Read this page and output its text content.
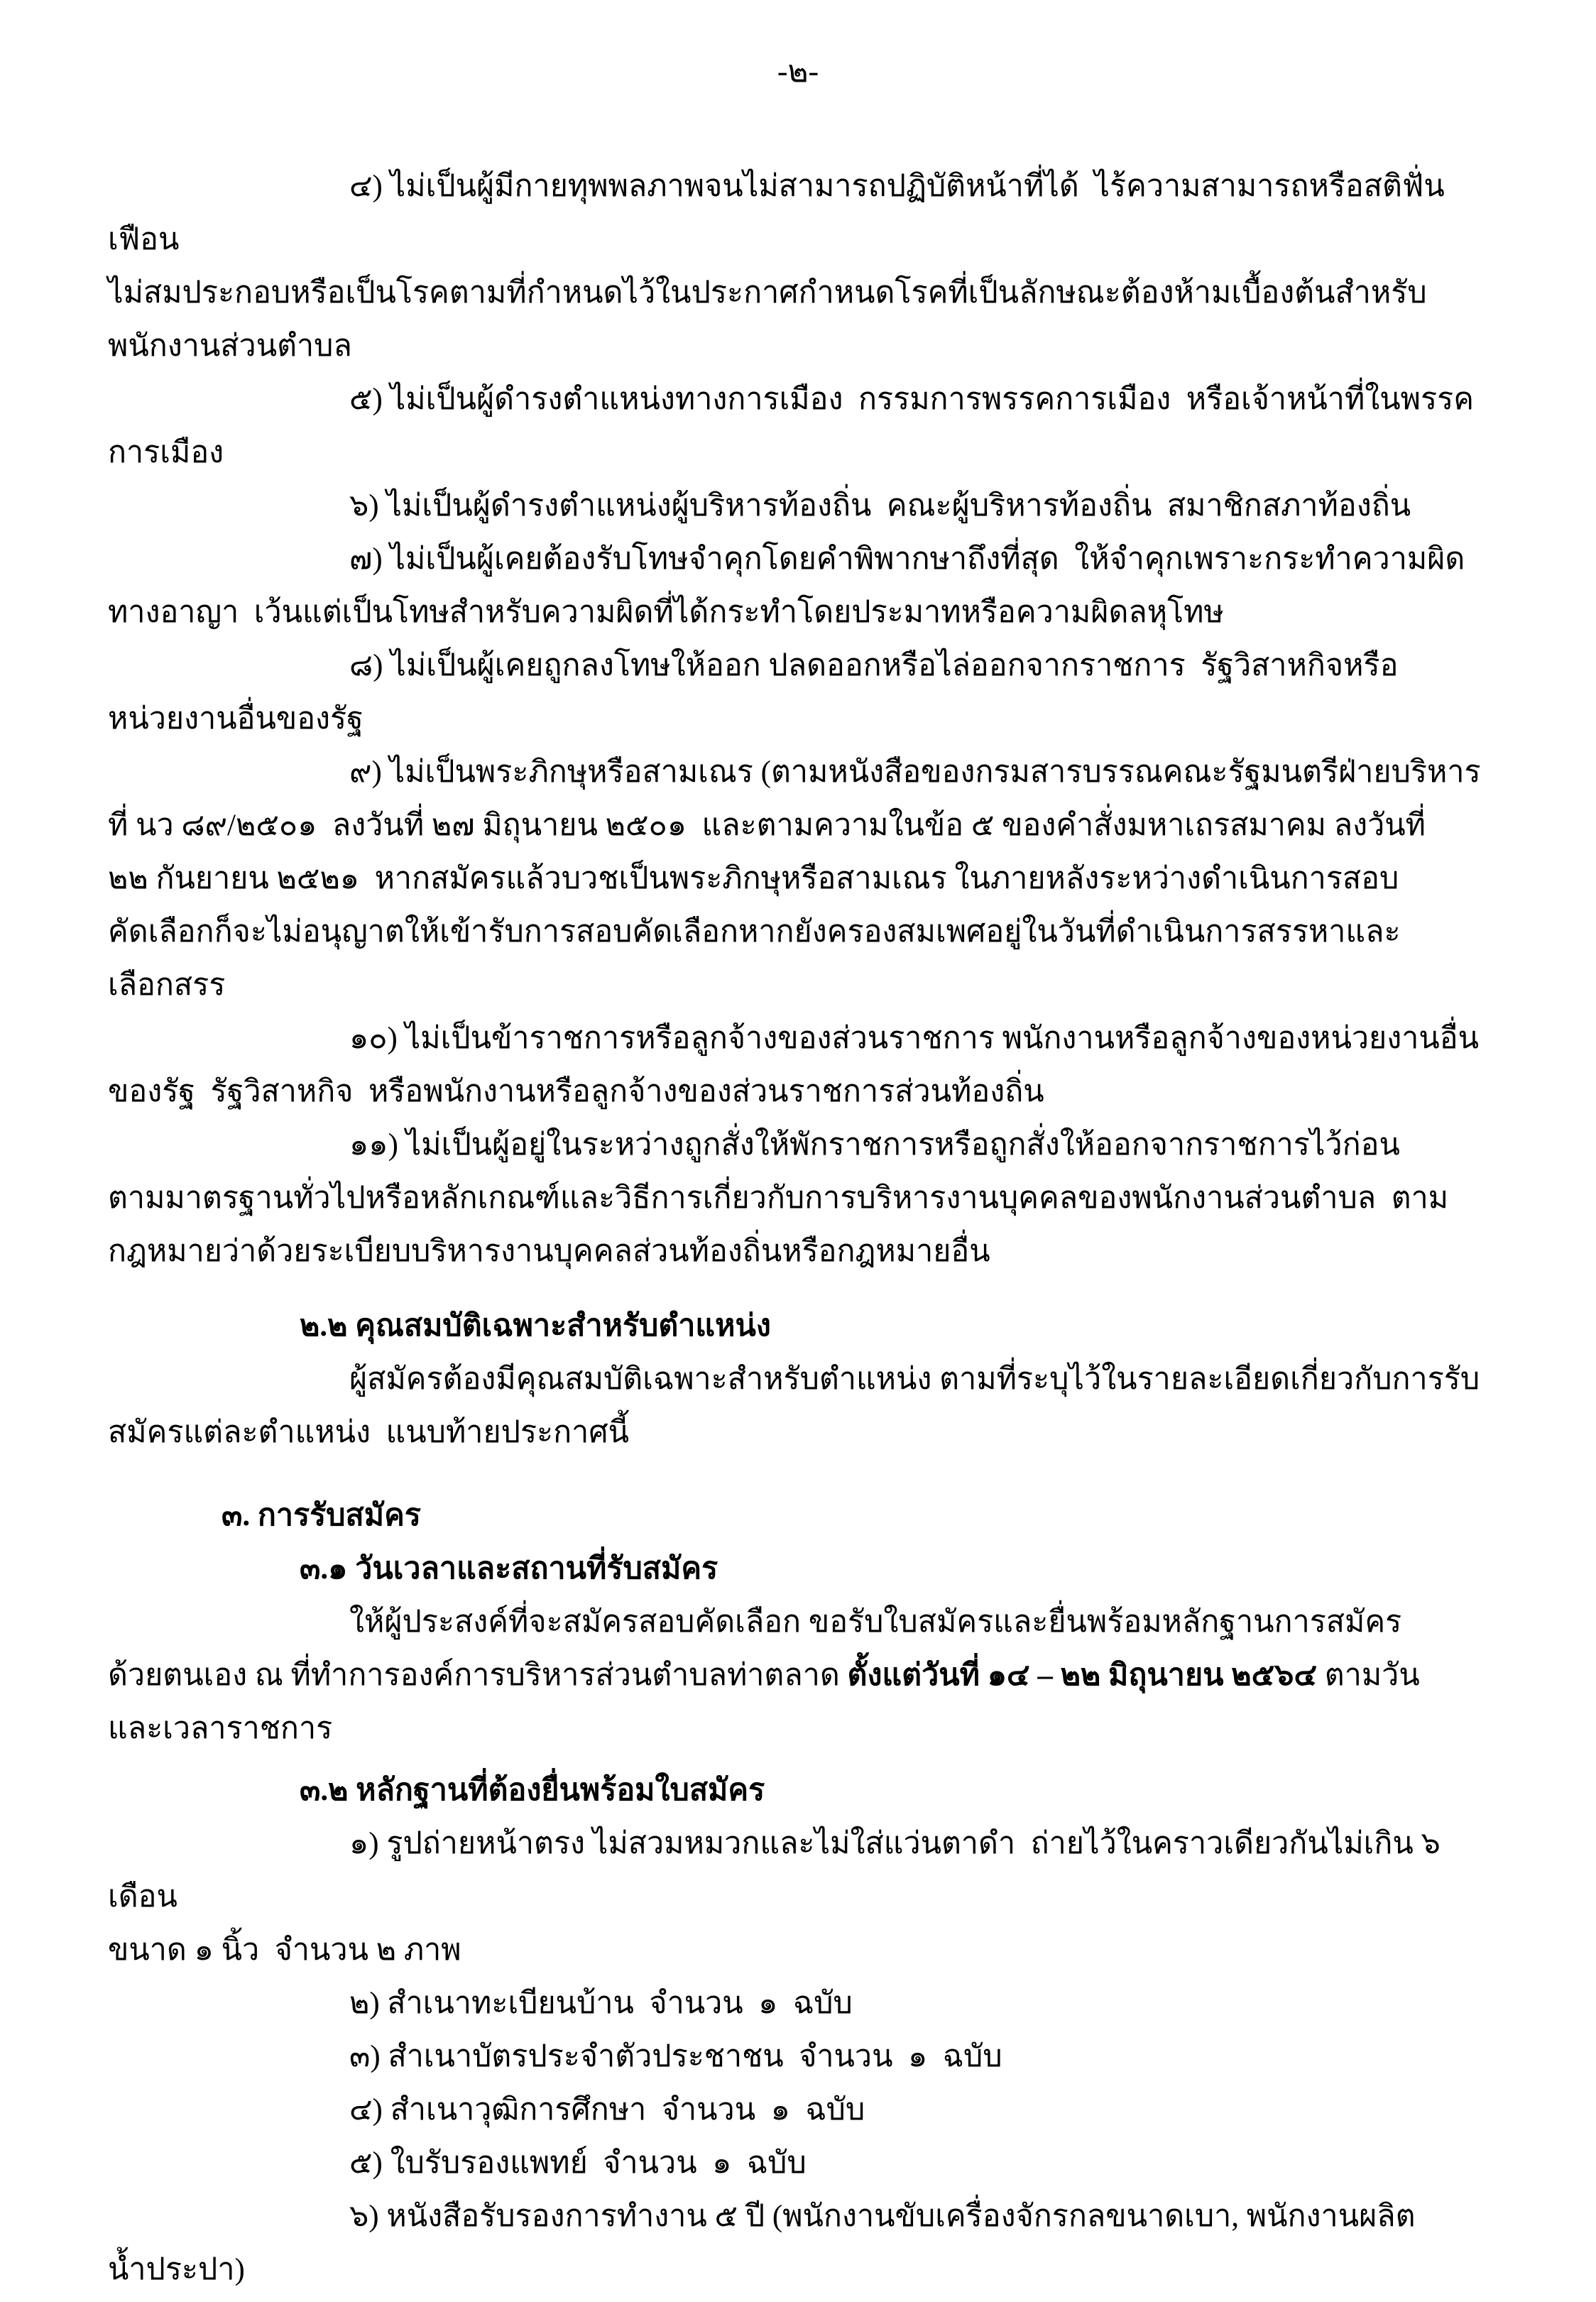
-๒-
๔) ไม่เป็นผู้มีกายทุพพลภาพจนไม่สามารถปฏิบัติหน้าที่ได้  ไร้ความสามารถหรือสติฟั่นเฟือน
ไม่สมประกอบหรือเป็นโรคตามที่กำหนดไว้ในประกาศกำหนดโรคที่เป็นลักษณะต้องห้ามเบื้องต้นสำหรับ
พนักงานส่วนตำบล
๕) ไม่เป็นผู้ดำรงตำแหน่งทางการเมือง  กรรมการพรรคการเมือง  หรือเจ้าหน้าที่ในพรรค
การเมือง
๖) ไม่เป็นผู้ดำรงตำแหน่งผู้บริหารท้องถิ่น  คณะผู้บริหารท้องถิ่น  สมาชิกสภาท้องถิ่น
๗) ไม่เป็นผู้เคยต้องรับโทษจำคุกโดยคำพิพากษาถึงที่สุด  ให้จำคุกเพราะกระทำความผิด
ทางอาญา  เว้นแต่เป็นโทษสำหรับความผิดที่ได้กระทำโดยประมาทหรือความผิดลหุโทษ
๘) ไม่เป็นผู้เคยถูกลงโทษให้ออก ปลดออกหรือไล่ออกจากราชการ  รัฐวิสาหกิจหรือ
หน่วยงานอื่นของรัฐ
๙) ไม่เป็นพระภิกษุหรือสามเณร (ตามหนังสือของกรมสารบรรณคณะรัฐมนตรีฝ่ายบริหาร
ที่ นว ๘๙/๒๕๐๑  ลงวันที่ ๒๗ มิถุนายน ๒๕๐๑  และตามความในข้อ ๕ ของคำสั่งมหาเถรสมาคม ลงวันที่
๒๒ กันยายน ๒๕๒๑  หากสมัครแล้วบวชเป็นพระภิกษุหรือสามเณร ในภายหลังระหว่างดำเนินการสอบ
คัดเลือกก็จะไม่อนุญาตให้เข้ารับการสอบคัดเลือกหากยังครองสมเพศอยู่ในวันที่ดำเนินการสรรหาและเลือกสรร
๑๐) ไม่เป็นข้าราชการหรือลูกจ้างของส่วนราชการ พนักงานหรือลูกจ้างของหน่วยงานอื่น
ของรัฐ  รัฐวิสาหกิจ  หรือพนักงานหรือลูกจ้างของส่วนราชการส่วนท้องถิ่น
๑๑) ไม่เป็นผู้อยู่ในระหว่างถูกสั่งให้พักราชการหรือถูกสั่งให้ออกจากราชการไว้ก่อน
ตามมาตรฐานทั่วไปหรือหลักเกณฑ์และวิธีการเกี่ยวกับการบริหารงานบุคคลของพนักงานส่วนตำบล  ตาม
กฎหมายว่าด้วยระเบียบบริหารงานบุคคลส่วนท้องถิ่นหรือกฎหมายอื่น
๒.๒ คุณสมบัติเฉพาะสำหรับตำแหน่ง
ผู้สมัครต้องมีคุณสมบัติเฉพาะสำหรับตำแหน่ง ตามที่ระบุไว้ในรายละเอียดเกี่ยวกับการรับ
สมัครแต่ละตำแหน่ง  แนบท้ายประกาศนี้
๓. การรับสมัคร
๓.๑ วันเวลาและสถานที่รับสมัคร
ให้ผู้ประสงค์ที่จะสมัครสอบคัดเลือก ขอรับใบสมัครและยื่นพร้อมหลักฐานการสมัคร
ด้วยตนเอง ณ ที่ทำการองค์การบริหารส่วนตำบลท่าตลาด ตั้งแต่วันที่ ๑๔ – ๒๒ มิถุนายน ๒๕๖๔ ตามวัน
และเวลาราชการ
๓.๒ หลักฐานที่ต้องยื่นพร้อมใบสมัคร
๑) รูปถ่ายหน้าตรง ไม่สวมหมวกและไม่ใส่แว่นตาดำ  ถ่ายไว้ในคราวเดียวกันไม่เกิน ๖ เดือน
ขนาด ๑ นิ้ว  จำนวน ๒ ภาพ
๒) สำเนาทะเบียนบ้าน  จำนวน  ๑  ฉบับ
๓) สำเนาบัตรประจำตัวประชาชน  จำนวน  ๑  ฉบับ
๔) สำเนาวุฒิการศึกษา  จำนวน  ๑  ฉบับ
๕) ใบรับรองแพทย์  จำนวน  ๑  ฉบับ
๖) หนังสือรับรองการทำงาน ๕ ปี (พนักงานขับเครื่องจักรกลขนาดเบา, พนักงานผลิต
น้ำประปา)
